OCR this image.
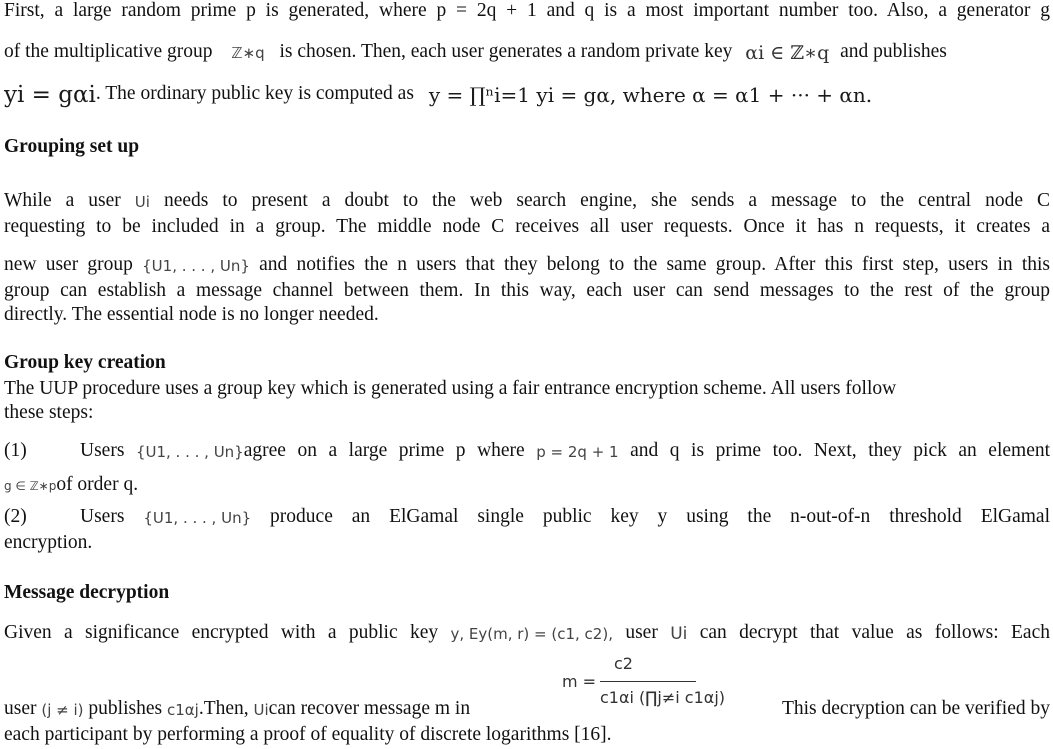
First, a large random prime p is generated, where p = 2q + 1 and q is a most important number too. Also, a generator g
of the multiplicative group ℤ∗q is chosen. Then, each user generates a random private key αi ∈ ℤ∗q and publishes
yi = gαi. The ordinary public key is computed as y = ∏ⁿi=1 yi = gα, where α = α1 + ··· + αn.
Grouping set up
While a user Ui needs to present a doubt to the web search engine, she sends a message to the central node C
requesting to be included in a group. The middle node C receives all user requests. Once it has n requests, it creates a
new user group {U1, . . . , Un} and notifies the n users that they belong to the same group. After this first step, users in this
group can establish a message channel between them. In this way, each user can send messages to the rest of the group
directly. The essential node is no longer needed.
Group key creation
The UUP procedure uses a group key which is generated using a fair entrance encryption scheme. All users follow
these steps:
(1)	Users {U1, . . . , Un}agree on a large prime p where p = 2q + 1 and q is prime too. Next, they pick an element
g ∈ ℤ∗pof order q.
(2)	Users {U1, . . . , Un} produce an ElGamal single public key y using the n-out-of-n threshold ElGamal
encryption.
Message decryption
Given a significance encrypted with a public key y, Ey(m, r) = (c1, c2), user Ui can decrypt that value as follows: Each
c2
m =
c1αi (∏j≠i c1αj)
user (j ≠ i) publishes c1αj.Then, Uican recover message m in	This decryption can be verified by
each participant by performing a proof of equality of discrete logarithms [16].
